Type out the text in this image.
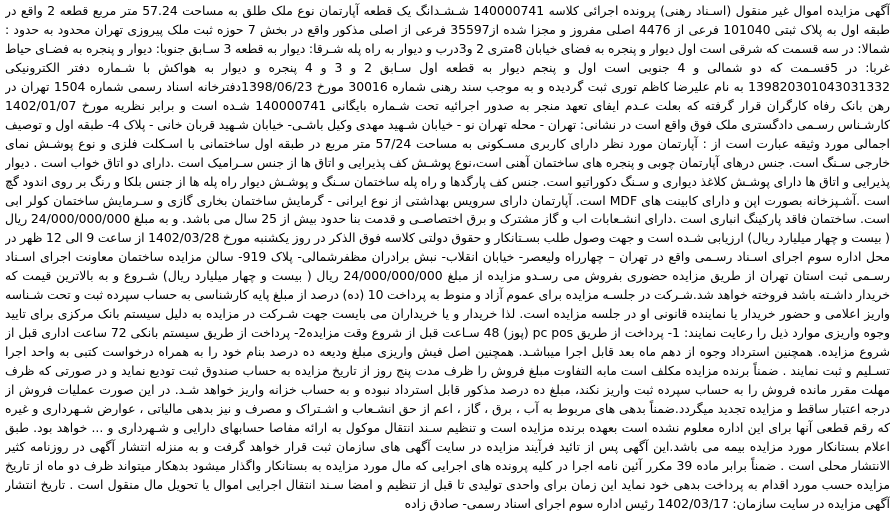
آگهی مزایده اموال غیر منقول (اسـناد رهنی) پرونده اجرائی کلاسه 140000741 شـشـدانگ یک قطعه آپارتمان نوع ملک طلق به مساحت 57.24 متر مربع قطعه 2 واقع در طبقه اول به پلاک ثبتی 101040 فرعی از 4476 اصلی مفروز و مجزا شده از35597 فرعی از اصلی مذکور واقع در بخش 7 حوزه ثبت ملک پیروزی تهران محدود به حدود : شمالا: در سه قسمت که شرقی است اول دیوار و پنجره به فضای خیابان 8متری 2 و3درب و دیوار به راه پله شـرقا: دیوار به قطعه 3 سـابق جنوبا: دیوار و پنجره به فضـای حیاط غربا: در 5قسـمت که دو شمالی و 4 جنوبی است اول و پنجم دیوار به قطعه اول سـابق 2 و 3 و 4 پنجره و دیوار به هواکش با شـماره دفتر الکترونیکی 139820301043031332 به نام علیرضا کاظم توری ثبت گردیده و به موجب سند رهنی شماره 30016 مورخ 1398/06/23دفترخانه اسناد رسمی شماره 1504 تهران در رهن بانک رفاه کارگران قرار گرفته که بعلت عـدم ایفای تعهد منجر به صدور اجرائیه تحت شـماره بایگانی 140000741 شـده است و برابر نظریه مورخ 1402/01/07 کارشـناس رسـمی دادگستری ملک فوق واقع است در نشانی: تهران - محله تهران نو - خیابان شـهید مهدی وکیل باشـی- خیابان شـهید قربان خانی - پلاک 4- طبقه اول و توصیف اجمالی مورد وثیقه عبارت است از : آپارتمان مورد نظر دارای کاربری مسـکونی به مساحت 57/24 متر مربع در طبقه اول ساختمانی با اسـکلت فلزی و نوع پوشـش نمای خارجی سـنگ است. جنس درهای آپارتمان چوبی و پنجره های ساختمان آهنی است،نوع پوشـش کف پذیرایی و اتاق ها از جنس سـرامیک است .دارای دو اتاق خواب است . دیوار پذیرایی و اتاق ها دارای پوشـش کلاغذ دیواری و سـنگ دکوراتیو است. جنس کف پارگدها و راه پله ساختمان سـنگ و پوشـش دیوار راه پله ها از جنس بلکا و رنگ بر روی اندود گچ است .آشـپزخانه بصورت اپن و دارای کابینت های MDF است. آپارتمان دارای سرویس بهداشتی از نوع ایرانی - گرمایش ساختمان بخاری گازی و سـرمایش ساختمان کولر ابی است. ساختمان فاقد پارکینگ انباری است .دارای انشـعابات اب و گاز مشترک و برق اختصاصـی و قدمت بنا حدود بیش از 25 سال می باشد. و به مبلغ 24/000/000/000 ریال ( بیست و چهار میلیارد ریال) ارزیابی شـده است و جهت وصول طلب بسـتانکار و حقوق دولتی کلاسه فوق الذکر در روز یکشنبه مورخ 1402/03/28 از ساعت 9 الی 12 ظهر در محل اداره سوم اجرای اسـناد رسـمی واقع در تهران – چهارراه ولیعصر- خیابان انقلاب- نبش برادران مظفرشمالی- پلاک 919- سالن مزایده ساختمان معاونت اجرای اسـناد رسـمی ثبت استان تهران از طریق مزایده حضوری بفروش می رسـدو مزایده از مبلغ 24/000/000/000 ریال ( بیست و چهار میلیارد ریال) شـروع و به بالاترین قیمت که خریدار داشـته باشد فروخته خواهد شد.شـرکت در جلسـه مزایده برای عموم آزاد و منوط به پرداخت 10 (ده) درصد از مبلغ پایه کارشناسی به حساب سپرده ثبت و تحت شـناسه واریز اعلامی و حضور خریدار یا نماینده قانونی او در جلسه مزایده است. لذا خریدار و یا خریداران می بایست جهت شـرکت در مزایده به دلیل سیستم بانک مرکزی برای تایید وجوه واریزی موارد ذیل را رعایت نمایند: 1- پرداخت از طریق pc pos (پوز) 48 سـاعت قبل از شروع وقت مزایده2- پرداخت از طریق سیستم بانکی 72 ساعت اداری قبل از شروع مزایده. همچنین استرداد وجوه از دهم ماه بعد قابل اجرا میباشـد. همچنین اصل فیش واریزی مبلغ ودیعه ده درصد بنام خود را به همراه درخواست کتبی به واحد اجرا تسـلیم و ثبت نمایند . ضمناً برنده مزایده مکلف است مابه التفاوت مبلغ فروش را ظرف مدت پنج روز از تاریخ مزایده به حساب صندوق ثبت تودیع نماید و در صورتی که ظرف مهلت مقرر مانده فروش را به حساب سپرده ثبت واریز نکند، مبلغ ده درصد مذکور قابل استرداد نبوده و به حساب خزانه واریز خواهد شـد. در این صورت عملیات فروش از درجه اعتبار ساقط و مزایده تجدید میگردد.ضمناً بدهی های مربوط به آب ، برق ، گاز ، اعم از حق انشـعاب و اشـتراک و مصرف و نیز بدهی مالیاتی ، عوارض شـهرداری و غیره که رقم قطعی آنها برای این اداره معلوم نشده است بعهده برنده مزایده است و تنظیم سـند انتقال موکول به ارائه مفاصا حسابهای دارایی و شـهرداری و ... خواهد بود. طبق اعلام بستانکار مورد مزایده بیمه می باشد.این آگهی پس از تائید فرآیند مزایده در سایت آگهی های سازمان ثبت قرار خواهد گرفت و به منزله انتشار آگهی در روزنامه کثیر الانتشار محلی است . ضمناً برابر ماده 39 مکرر آئین نامه اجرا در کلیه پرونده های اجرایی که مال مورد مزایده به بستانکار واگذار میشود بدهکار میتواند ظرف دو ماه از تاریخ مزایده حسب مورد اقدام به پرداخت بدهی خود نماید این زمان برای واحدی تولیدی تا قبل از تنظیم و امضا سـند انتقال اجرایی اموال یا تحویل مال منقول است . تاریخ انتشار آگهی مزایده در سایت سازمان: 1402/03/17 رئیس اداره سوم اجرای اسناد رسمی- صادق زاده
